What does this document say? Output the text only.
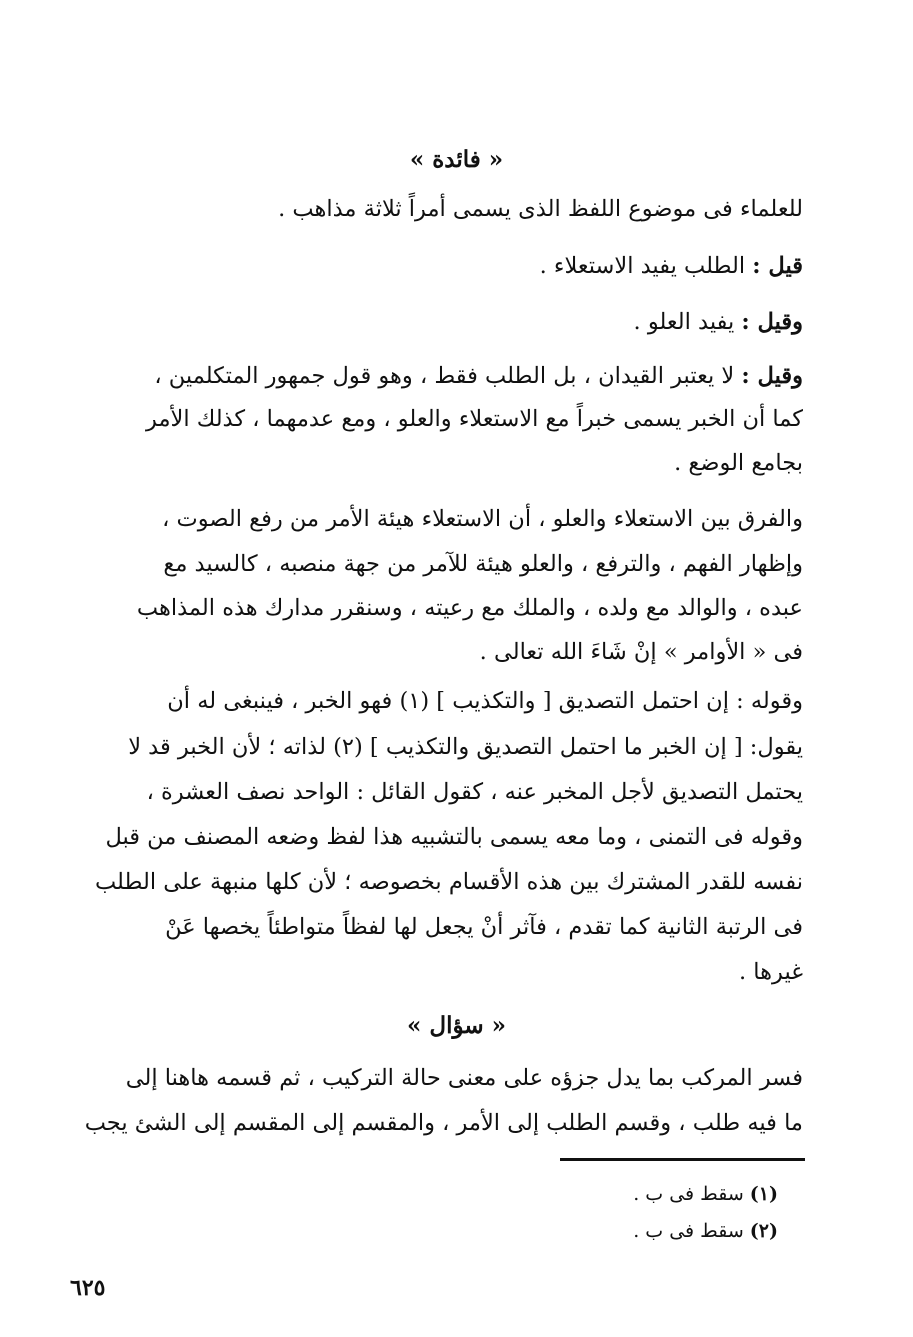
« فائدة »
للعلماء فى موضوع اللفظ الذى يسمى أمراً ثلاثة مذاهب .
قيل : الطلب يفيد الاستعلاء .
وقيل : يفيد العلو .
وقيل : لا يعتبر القيدان ، بل الطلب فقط ، وهو قول جمهور المتكلمين ،
كما أن الخبر يسمى خبراً مع الاستعلاء والعلو ، ومع عدمهما ، كذلك الأمر
بجامع الوضع .
والفرق بين الاستعلاء والعلو ، أن الاستعلاء هيئة الأمر من رفع الصوت ،
وإظهار الفهم ، والترفع ، والعلو هيئة للآمر من جهة منصبه ، كالسيد مع
عبده ، والوالد مع ولده ، والملك مع رعيته ، وسنقرر مدارك هذه المذاهب
فى « الأوامر » إنْ شَاءَ الله تعالى .
وقوله : إن احتمل التصديق [ والتكذيب ] (١) فهو الخبر ، فينبغى له أن
يقول: [ إن الخبر ما احتمل التصديق والتكذيب ] (٢) لذاته ؛ لأن الخبر قد لا
يحتمل التصديق لأجل المخبر عنه ، كقول القائل : الواحد نصف العشرة ،
وقوله فى التمنى ، وما معه يسمى بالتشبيه هذا لفظ وضعه المصنف من قبل
نفسه للقدر المشترك بين هذه الأقسام بخصوصه ؛ لأن كلها منبهة على الطلب
فى الرتبة الثانية كما تقدم ، فآثر أنْ يجعل لها لفظاً متواطئاً يخصها عَنْ
غيرها .
« سؤال »
فسر المركب بما يدل جزؤه على معنى حالة التركيب ، ثم قسمه هاهنا إلى
ما فيه طلب ، وقسم الطلب إلى الأمر ، والمقسم إلى المقسم إلى الشئ يجب
(١) سقط فى ب .
(٢) سقط فى ب .
٦٢٥
